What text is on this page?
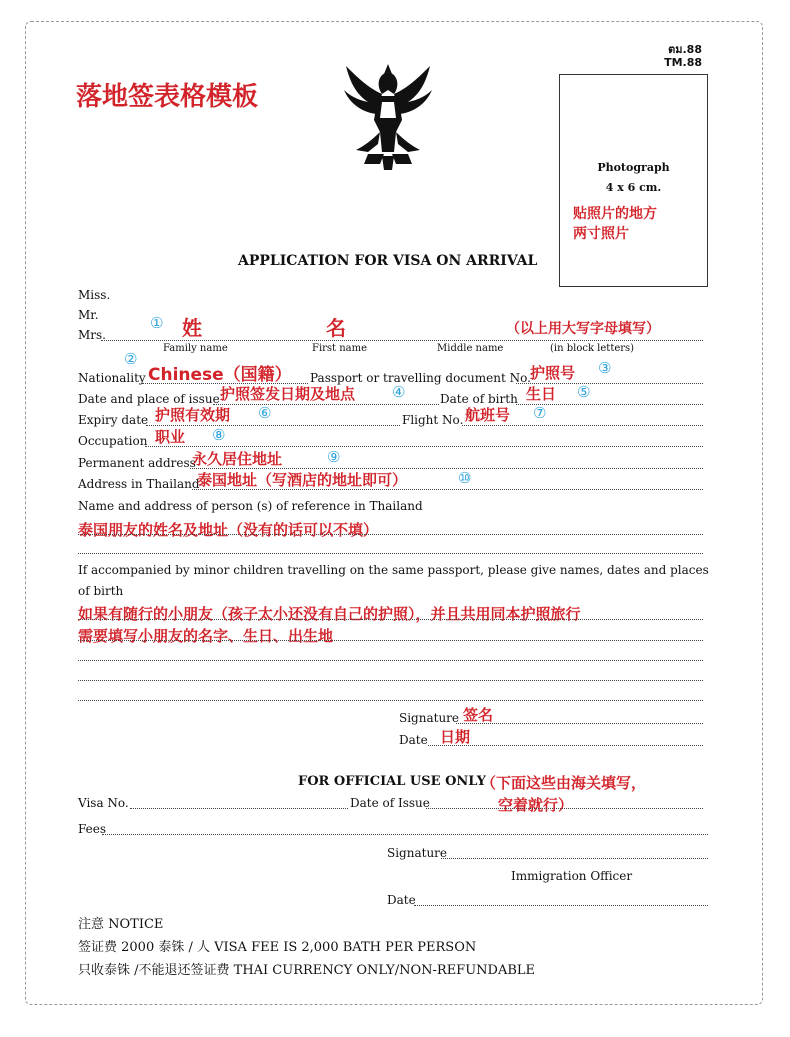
落地签表格模板
ตม.88
TM.88
Photograph
4 x 6 cm.
贴照片的地方
两寸照片
APPLICATION FOR VISA ON ARRIVAL
Miss.
Mr.
Mrs.
① 姓	名	（以上用大写字母填写）
Family name	First name	Middle name	(in block letters)
②
Nationality Chinese（国籍） Passport or travelling document No. 护照号 ③
Date and place of issue 护照签发日期及地点 ④	Date of birth 生日 ⑤
Expiry date 护照有效期 ⑥	Flight No. 航班号 ⑦
Occupation 职业 ⑧
Permanent address
永久居住地址	⑨
Address in Thailand
泰国地址（写酒店的地址即可）	⑩
Name and address of person (s) of reference in Thailand
泰国朋友的姓名及地址（没有的话可以不填）
If accompanied by minor children travelling on the same passport, please give names, dates and places
of birth
如果有随行的小朋友（孩子太小还没有自己的护照），并且共用同本护照旅行
需要填写小朋友的名字、生日、出生地
Signature 签名
Date 日期
FOR OFFICIAL USE ONLY
（下面这些由海关填写，
空着就行）
Visa No.	Date of Issue
Fees
Signature
Immigration Officer
Date
注意 NOTICE
签证费 2000 泰铢 / 人 VISA FEE IS 2,000 BATH PER PERSON
只收泰铢 /不能退还签证费 THAI CURRENCY ONLY/NON-REFUNDABLE
